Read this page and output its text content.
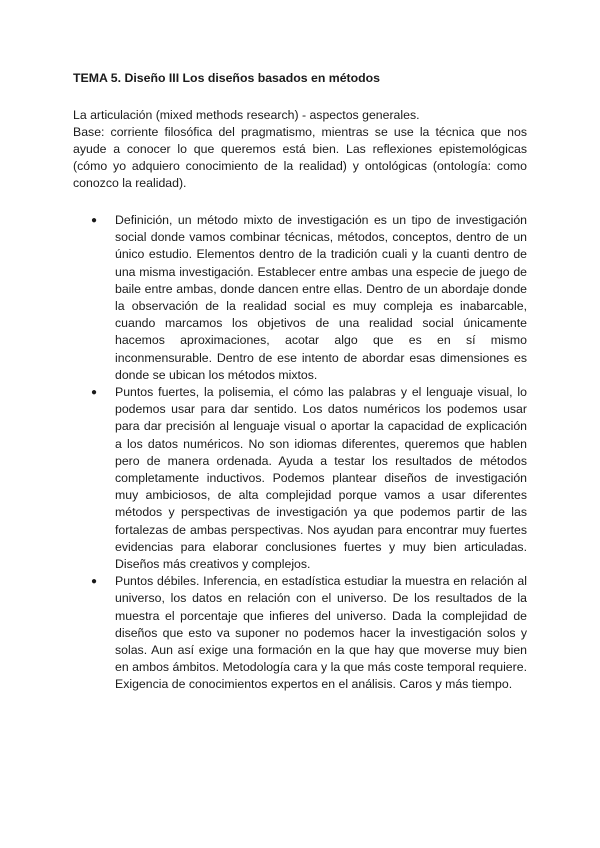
TEMA 5. Diseño III Los diseños basados en métodos

La articulación (mixed methods research) - aspectos generales.

Base: corriente filosófica del pragmatismo, mientras se use la técnica que nos ayude a conocer lo que queremos está bien. Las reflexiones epistemológicas (cómo yo adquiero conocimiento de la realidad) y ontológicas (ontología: como conozco la realidad).

● Definición, un método mixto de investigación es un tipo de investigación social donde vamos combinar técnicas, métodos, conceptos, dentro de un único estudio. Elementos dentro de la tradición cuali y la cuanti dentro de una misma investigación. Establecer entre ambas una especie de juego de baile entre ambas, donde dancen entre ellas. Dentro de un abordaje donde la observación de la realidad social es muy compleja es inabarcable, cuando marcamos los objetivos de una realidad social únicamente hacemos aproximaciones, acotar algo que es en sí mismo inconmensurable. Dentro de ese intento de abordar esas dimensiones es donde se ubican los métodos mixtos.
● Puntos fuertes, la polisemia, el cómo las palabras y el lenguaje visual, lo podemos usar para dar sentido. Los datos numéricos los podemos usar para dar precisión al lenguaje visual o aportar la capacidad de explicación a los datos numéricos. No son idiomas diferentes, queremos que hablen pero de manera ordenada. Ayuda a testar los resultados de métodos completamente inductivos. Podemos plantear diseños de investigación muy ambiciosos, de alta complejidad porque vamos a usar diferentes métodos y perspectivas de investigación ya que podemos partir de las fortalezas de ambas perspectivas. Nos ayudan para encontrar muy fuertes evidencias para elaborar conclusiones fuertes y muy bien articuladas. Diseños más creativos y complejos.
● Puntos débiles. Inferencia, en estadística estudiar la muestra en relación al universo, los datos en relación con el universo. De los resultados de la muestra el porcentaje que infieres del universo. Dada la complejidad de diseños que esto va suponer no podemos hacer la investigación solos y solas. Aun así exige una formación en la que hay que moverse muy bien en ambos ámbitos. Metodología cara y la que más coste temporal requiere. Exigencia de conocimientos expertos en el análisis. Caros y más tiempo.
